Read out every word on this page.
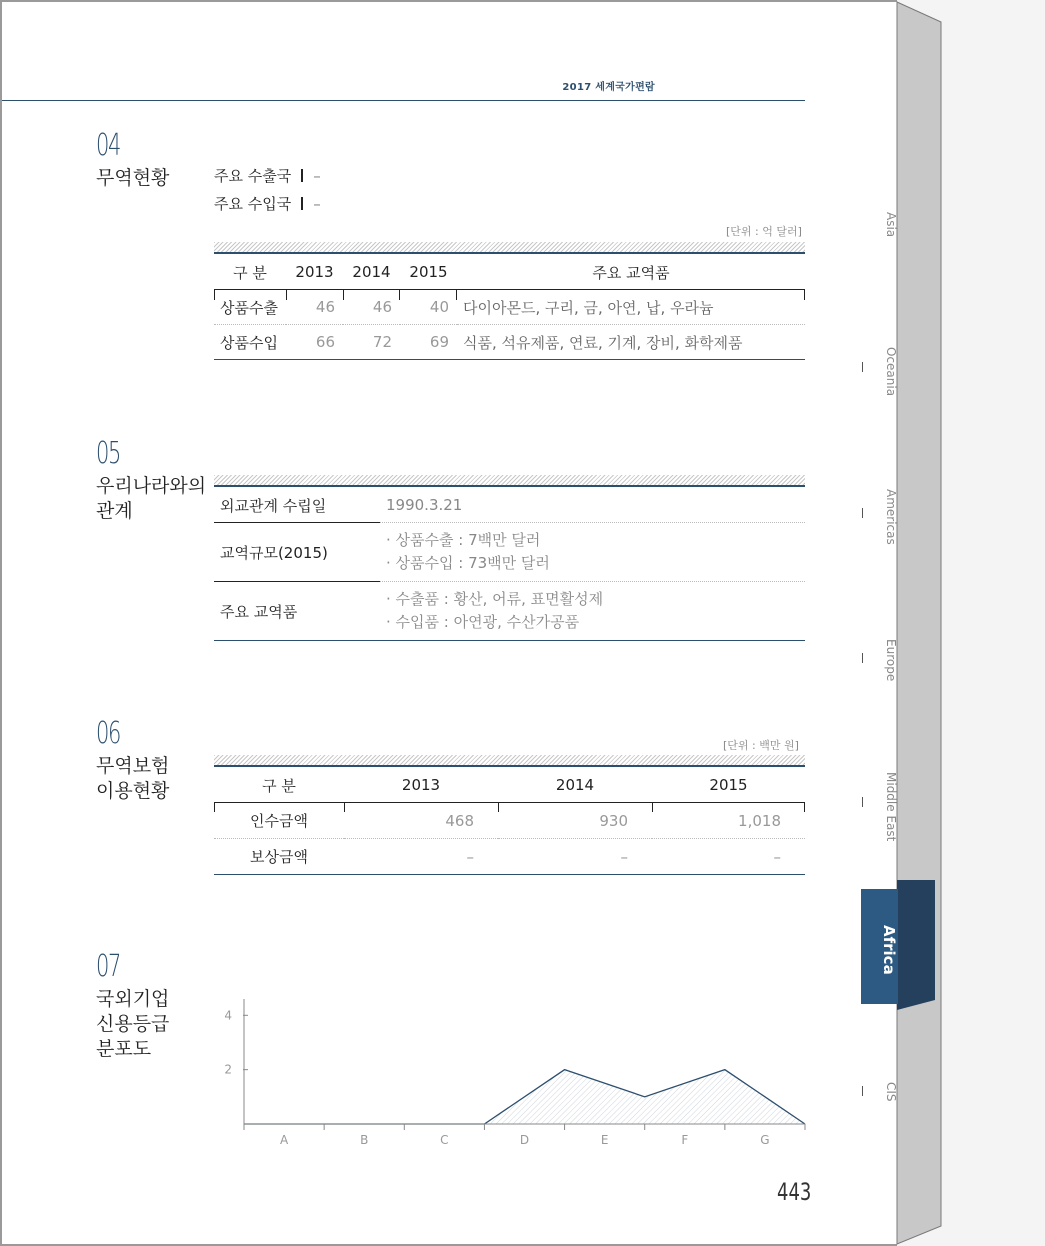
2017 세계국가편람
04
무역현황	주요 수출국 –
주요 수입국 –
[단위 : 억 달러]
구 분	2013	2014	2015	주요 교역품
상품수출	46	46	40	다이아몬드, 구리, 금, 아연, 납, 우라늄
상품수입	66	72	69	식품, 석유제품, 연료, 기계, 장비, 화학제품
05
우리나라와의
관계	외교관계 수립일	1990.3.21
교역규모(2015)	· 상품수출 : 7백만 달러
· 상품수입 : 73백만 달러

주요 교역품	· 수출품 : 황산, 어류, 표면활성제
· 수입품 : 아연광, 수산가공품
06
무역보험
이용현황
[단위 : 백만 원]
구 분	2013	2014	2015
인수금액	468	930	1,018
보상금액	–	–	–
07
국외기업
신용등급
분포도
4
2
A	B	C	D	E	F	G
443
Asia
Oceania
Americas
Europe
Middle East
Africa
CIS
